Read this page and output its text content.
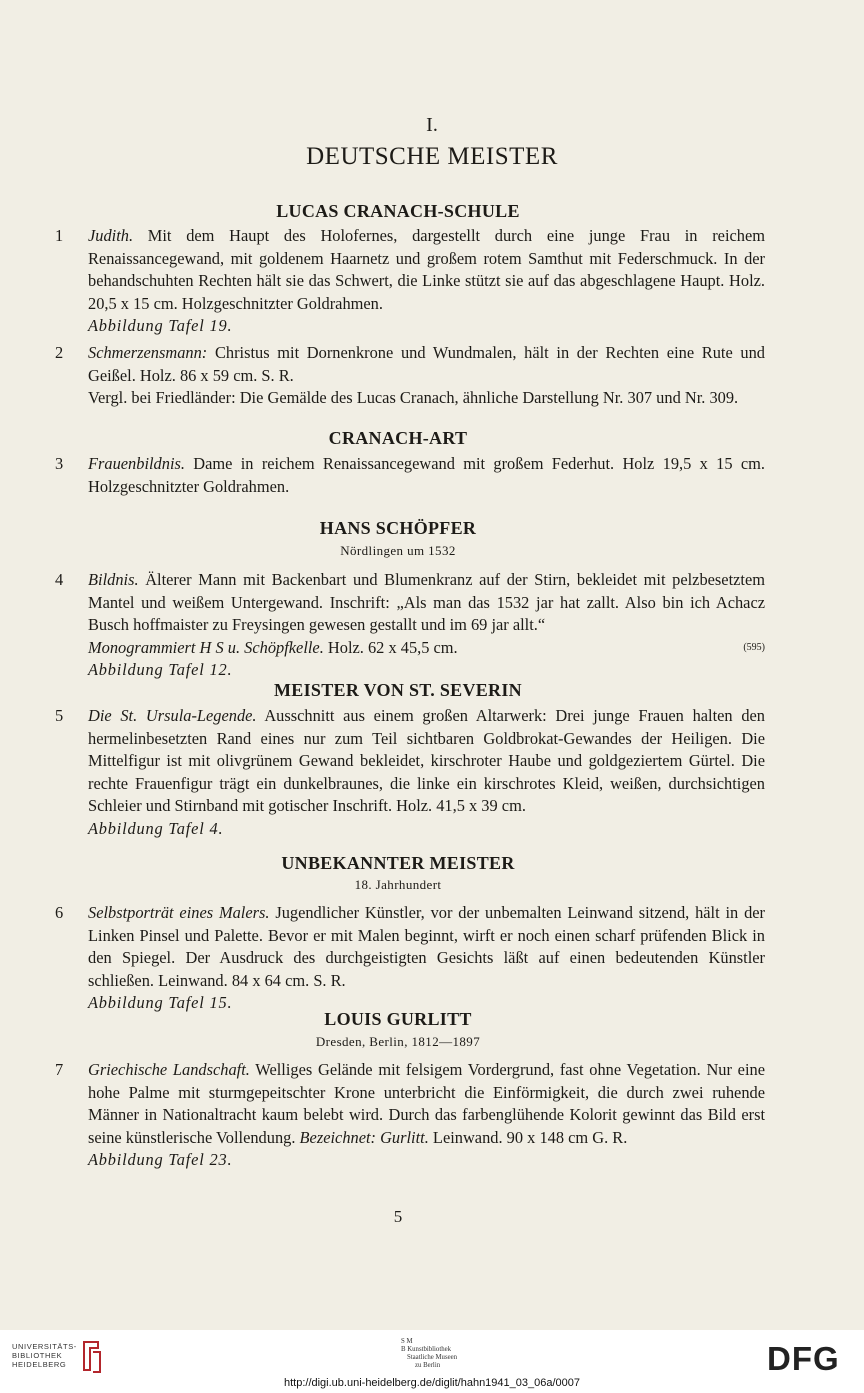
I.
DEUTSCHE MEISTER
LUCAS CRANACH-SCHULE
1 Judith. Mit dem Haupt des Holofernes, dargestellt durch eine junge Frau in reichem Renaissancegewand, mit goldenem Haarnetz und großem rotem Samthut mit Federschmuck. In der behandschuhten Rechten hält sie das Schwert, die Linke stützt sie auf das abgeschlagene Haupt. Holz. 20,5 x 15 cm. Holzgeschnitzter Goldrahmen.
Abbildung Tafel 19.
2 Schmerzensmann: Christus mit Dornenkrone und Wundmalen, hält in der Rechten eine Rute und Geißel. Holz. 86 x 59 cm. S. R.
Vergl. bei Friedländer: Die Gemälde des Lucas Cranach, ähnliche Darstellung Nr. 307 und Nr. 309.
CRANACH-ART
3 Frauenbildnis. Dame in reichem Renaissancegewand mit großem Federhut. Holz 19,5 x 15 cm. Holzgeschnitzter Goldrahmen.
HANS SCHÖPFER
Nördlingen um 1532
4 Bildnis. Älterer Mann mit Backenbart und Blumenkranz auf der Stirn, bekleidet mit pelzbesetztem Mantel und weißem Untergewand. Inschrift: „Als man das 1532 jar hat zallt. Also bin ich Achacz Busch hoffmaister zu Freysingen gewesen gestallt und im 69 jar allt.“
Monogrammiert H S u. Schöpfkelle. Holz. 62 x 45,5 cm.	(595)
Abbildung Tafel 12.
MEISTER VON ST. SEVERIN
5 Die St. Ursula-Legende. Ausschnitt aus einem großen Altarwerk: Drei junge Frauen halten den hermelinbesetzten Rand eines nur zum Teil sichtbaren Goldbrokat-Gewandes der Heiligen. Die Mittelfigur ist mit olivgrünem Gewand bekleidet, kirschroter Haube und goldgeziertem Gürtel. Die rechte Frauenfigur trägt ein dunkelbraunes, die linke ein kirschrotes Kleid, weißen, durchsichtigen Schleier und Stirnband mit gotischer Inschrift. Holz. 41,5 x 39 cm.
Abbildung Tafel 4.
UNBEKANNTER MEISTER
18. Jahrhundert
6 Selbstporträt eines Malers. Jugendlicher Künstler, vor der unbemalten Leinwand sitzend, hält in der Linken Pinsel und Palette. Bevor er mit Malen beginnt, wirft er noch einen scharf prüfenden Blick in den Spiegel. Der Ausdruck des durchgeistigten Gesichts läßt auf einen bedeutenden Künstler schließen. Leinwand. 84 x 64 cm. S. R.
Abbildung Tafel 15.
LOUIS GURLITT
Dresden, Berlin, 1812—1897
7 Griechische Landschaft. Welliges Gelände mit felsigem Vordergrund, fast ohne Vegetation. Nur eine hohe Palme mit sturmgepeitschter Krone unterbricht die Einförmigkeit, die durch zwei ruhende Männer in Nationaltracht kaum belebt wird. Durch das farbenglühende Kolorit gewinnt das Bild erst seine künstlerische Vollendung. Bezeichnet: Gurlitt. Leinwand. 90 x 148 cm G. R.
Abbildung Tafel 23.
5
UNIVERSITÄTS-
BIBLIOTHEK
HEIDELBERG
S M
B Kunstbibliothek
Staatliche Museen
zu Berlin	DFG
http://digi.ub.uni-heidelberg.de/diglit/hahn1941_03_06a/0007
